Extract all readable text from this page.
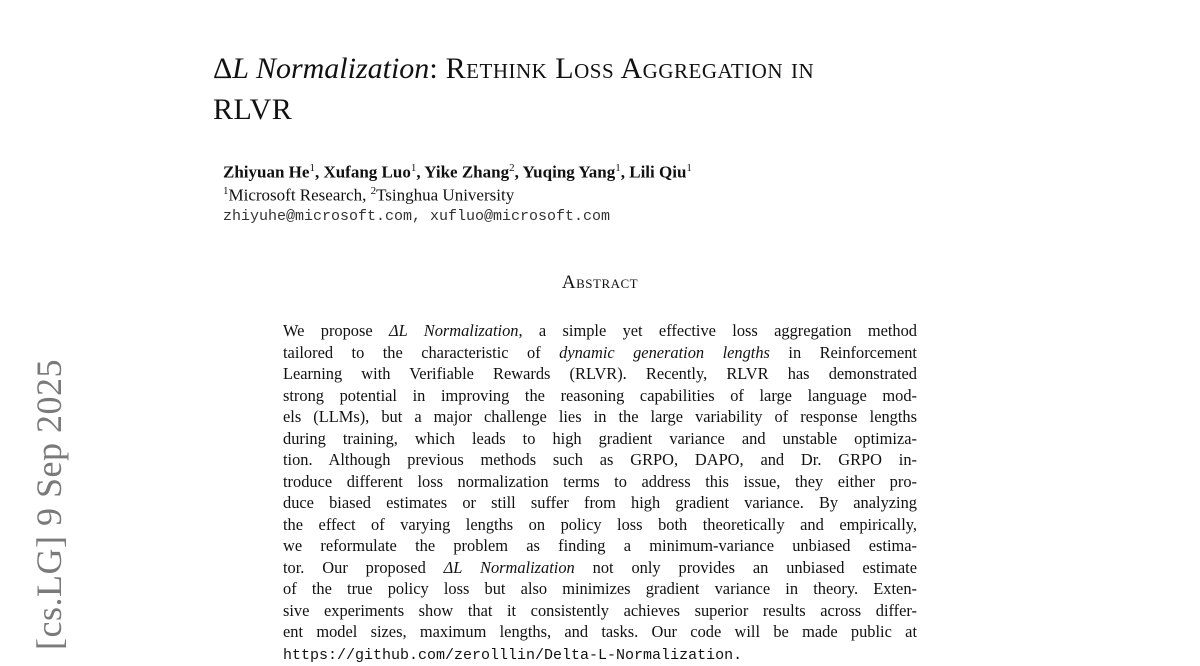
[cs.LG] 9 Sep 2025
ΔL Normalization: Rethink Loss Aggregation in
RLVR
Zhiyuan He$^1$, Xufang Luo$^1$, Yike Zhang$^2$, Yuqing Yang$^1$, Lili Qiu$^1$
$^1$Microsoft Research, $^2$Tsinghua University
zhiyuhe@microsoft.com, xufluo@microsoft.com
Abstract
We propose ΔL Normalization, a simple yet effective loss aggregation method
tailored to the characteristic of dynamic generation lengths in Reinforcement
Learning with Verifiable Rewards (RLVR). Recently, RLVR has demonstrated
strong potential in improving the reasoning capabilities of large language mod-
els (LLMs), but a major challenge lies in the large variability of response lengths
during training, which leads to high gradient variance and unstable optimiza-
tion. Although previous methods such as GRPO, DAPO, and Dr. GRPO in-
troduce different loss normalization terms to address this issue, they either pro-
duce biased estimates or still suffer from high gradient variance. By analyzing
the effect of varying lengths on policy loss both theoretically and empirically,
we reformulate the problem as finding a minimum-variance unbiased estima-
tor. Our proposed ΔL Normalization not only provides an unbiased estimate
of the true policy loss but also minimizes gradient variance in theory. Exten-
sive experiments show that it consistently achieves superior results across differ-
ent model sizes, maximum lengths, and tasks. Our code will be made public at
https://github.com/zerolllin/Delta-L-Normalization.
